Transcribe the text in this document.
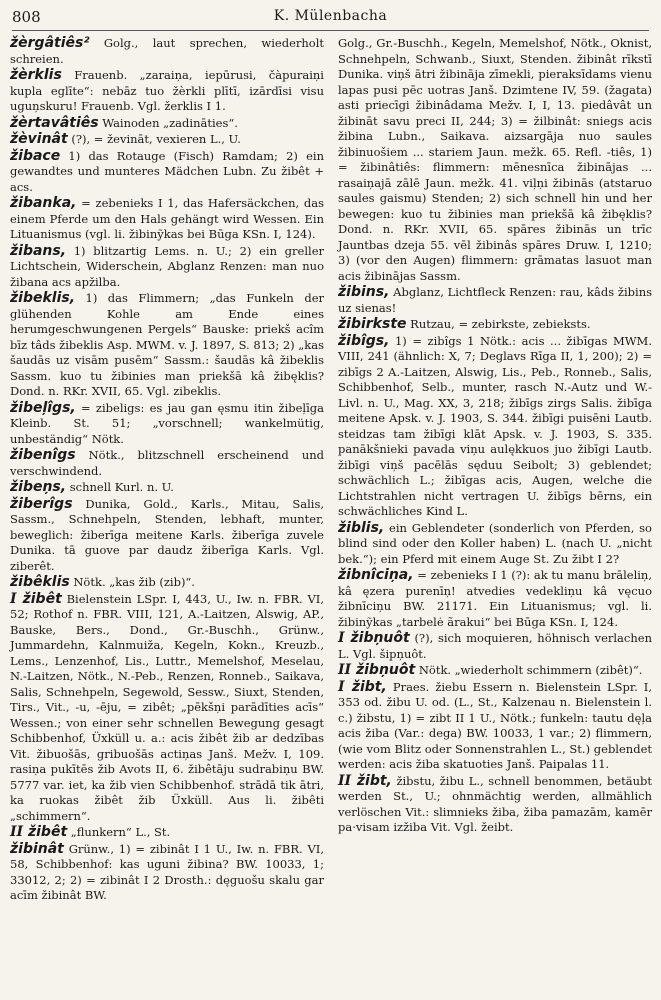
808	K. Mülenbacha
žèrgâtiês² Golg., laut sprechen, wiederholt schreien.
žèrklis Frauenb. „zaraiņa, iepūrusi, čàpuraiņi kupla eglīte“: nebāz tuo žèrkli plītī, izārdīsi visu uguņskuru! Frauenb. Vgl. žerklis I 1.
žèrtavâtiês Wainoden „zadināties“.
žèvinât (?), = ževināt, vexieren L., U.
žibace 1) das Rotauge (Fisch) Ramdam; 2) ein gewandtes und munteres Mädchen Lubn. Zu žibêt + acs.
žibanka, = zebenieks I 1, das Hafersäckchen, das einem Pferde um den Hals gehängt wird Wessen. Ein Lituanismus (vgl. li. žibinỹkas bei Būga KSn. I, 124).
žibans, 1) blitzartig Lems. n. U.; 2) ein greller Lichtschein, Widerschein, Abglanz Renzen: man nuo žibana acs apžilba.
žibeklis, 1) das Flimmern; „das Funkeln der glühenden Kohle am Ende eines herumgeschwungenen Pergels“ Bauske: priekš acîm bīz tâds žibeklis Asp. MWM. v. J. 1897, S. 813; 2) „kas šaudās uz visām pusēm“ Sassm.: šaudās kâ žibeklis Sassm. kuo tu žibinies man priekšā kâ žibęklis? Dond. n. RKr. XVII, 65. Vgl. zibeklis.
žibeļîgs, = zibeligs: es jau gan ęsmu itin žibeļīga Kleinb. St. 51; „vorschnell; wankelmütig, unbeständig“ Nötk.
žibenîgs Nötk., blitzschnell erscheinend und verschwindend.
žibeņs, schnell Kurl. n. U.
žiberîgs Dunika, Gold., Karls., Mitau, Salis, Sassm., Schnehpeln, Stenden, lebhaft, munter, beweglich: žiberīga meitene Karls. žiberīga zuvele Dunika. tā guove par daudz žiberīga Karls. Vgl. ziberêt.
žibêklis Nötk. „kas žib (zib)“.
I žibêt Bielenstein LSpr. I, 443, U., Iw. n. FBR. VI, 52; Rothof n. FBR. VIII, 121, A.-Laitzen, Alswig, AP., Bauske, Bers., Dond., Gr.-Buschh., Grünw., Jummardehn, Kalnmuiža, Kegeln, Kokn., Kreuzb., Lems., Lenzenhof, Lis., Luttr., Memelshof, Meselau, N.-Laitzen, Nötk., N.-Peb., Renzen, Ronneb., Saikava, Salis, Schnehpeln, Segewold, Sessw., Siuxt, Stenden, Tirs., Vit., -u, -ēju, = zibêt; „pēkšņi parādīties acīs“ Wessen.; von einer sehr schnellen Bewegung gesagt Schibbenhof, Üxküll u. a.: acis žibêt žib ar dedzības Vit. žibuošās, gribuošās actiņas Janš. Mežv. I, 109. rasiņa pukītēs žib Avots II, 6. žibêtāju sudrabiņu BW. 5777 var. iet, ka žib vien Schibbenhof. strādā tik ātri, ka ruokas žibêt žib Üxküll. Aus li. žibêti „schimmern“.
II žibêt „flunkern“ L., St.
žibinât Grünw., 1) = zibinât I 1 U., Iw. n. FBR. VI, 58, Schibbenhof: kas uguni žibina? BW. 10033, 1; 33012, 2; 2) = zibinât I 2 Drosth.: dęguošu skalu gar acīm žibinât BW.
Golg., Gr.-Buschh., Kegeln, Memelshof, Nötk., Oknist, Schnehpeln, Schwanb., Siuxt, Stenden. žibinât rīkstī Dunika. viņš ātri žibināja zīmekli, pieraksīdams vienu lapas pusi pēc uotras Janš. Dzimtene IV, 59. (žagata) asti priecīgi žibinâdama Mežv. I, I, 13. piedâvât un žibināt savu preci II, 244; 3) = žilbinât: sniegs acis žibina Lubn., Saikava. aizsargāja nuo saules žibinuošiem ... stariem Jaun. mežk. 65. Refl. -tiês, 1) = žibinâtiês: flimmern: mēnesnīca žibinājas ... rasaiņajā zālē Jaun. mežk. 41. viļņi žibinās (atstaruo saules gaismu) Stenden; 2) sich schnell hin und her bewegen: kuo tu žibinies man priekšā kâ žibęklis? Dond. n. RKr. XVII, 65. spāres žibinās un trīc Jauntbas dzeja 55. vēl žibinâs spāres Druw. I, 1210; 3) (vor den Augen) flimmern: grāmatas lasuot man acis žibinājas Sassm.
žibins, Abglanz, Lichtfleck Renzen: rau, kâds žibins uz sienas!
žibirkste Rutzau, = zebirkste, zebieksts.
žibîgs, 1) = zibîgs 1 Nötk.: acis ... žibīgas MWM. VIII, 241 (ähnlich: X, 7; Deglavs Rīga II, 1, 200); 2) = zibīgs 2 A.-Laitzen, Alswig, Lis., Peb., Ronneb., Salis, Schibbenhof, Selb., munter, rasch N.-Autz und W.-Livl. n. U., Mag. XX, 3, 218; žibīgs zirgs Salis. žibīga meitene Apsk. v. J. 1903, S. 344. žibīgi puisēni Lautb. steidzas tam žibīgi klāt Apsk. v. J. 1903, S. 335. panākšnieki pavada viņu aulękkuos juo žibīgi Lautb. žibīgi viņš pacēlās sęduu Seibolt; 3) geblendet; schwächlich L.; žibīgas acis, Augen, welche die Lichtstrahlen nicht vertragen U. žibīgs bērns, ein schwächliches Kind L.
žiblis, ein Geblendeter (sonderlich von Pferden, so blind sind oder den Koller haben) L. (nach U. „nicht bek.“); ein Pferd mit einem Auge St. Zu žibt I 2?
žibnîciņa, = zebenieks I 1 (?): ak tu manu brāleliņ, kâ ęzera purenīņ! atvedies vedekliņu kâ vęcuo žibnīciņu BW. 21171. Ein Lituanismus; vgl. li. žibinỹkas „tarbelė ãrakui“ bei Būga KSn. I, 124.
I žibņuôt (?), sich moquieren, höhnisch verlachen L. Vgl. šipņuôt.
II žibņuôt Nötk. „wiederholt schimmern (zibêt)“.
I žibt, Praes. žiebu Essern n. Bielenstein LSpr. I, 353 od. žibu U. od. (L., St., Kalzenau n. Bielenstein l. c.) žibstu, 1) = zibt II 1 U., Nötk.; funkeln: tautu dęļa acis žiba (Var.: dega) BW. 10033, 1 var.; 2) flimmern, (wie vom Blitz oder Sonnenstrahlen L., St.) geblendet werden: acis žiba skatuoties Janš. Paipalas 11.
II žibt, žibstu, žibu L., schnell benommen, betäubt werden St., U.; ohnmächtig werden, allmählich verlöschen Vit.: slimnieks žiba, žiba pamazām, kamēr pa·visam izžiba Vit. Vgl. žeibt.
